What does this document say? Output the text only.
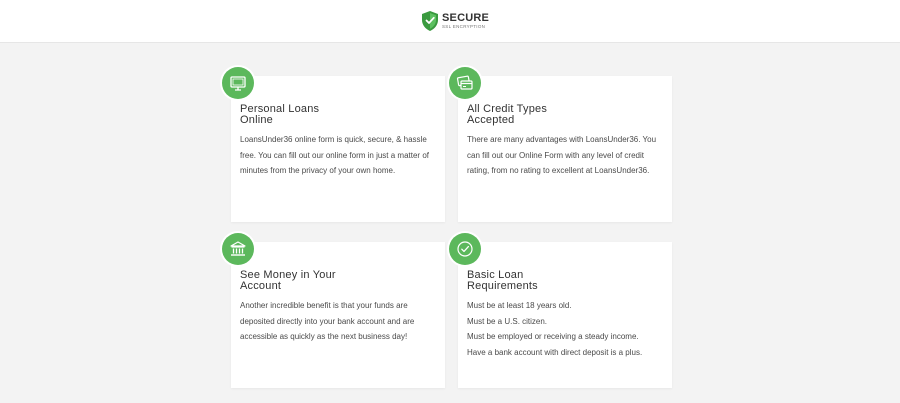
SECURE
SSL ENCRYPTION
Personal Loans
Online
LoansUnder36 online form is quick, secure, & hassle free. You can fill out our online form in just a matter of minutes from the privacy of your own home.
All Credit Types
Accepted
There are many advantages with LoansUnder36. You can fill out our Online Form with any level of credit rating, from no rating to excellent at LoansUnder36.
See Money in Your
Account
Another incredible benefit is that your funds are deposited directly into your bank account and are accessible as quickly as the next business day!
Basic Loan
Requirements
Must be at least 18 years old.
Must be a U.S. citizen.
Must be employed or receiving a steady income.
Have a bank account with direct deposit is a plus.
